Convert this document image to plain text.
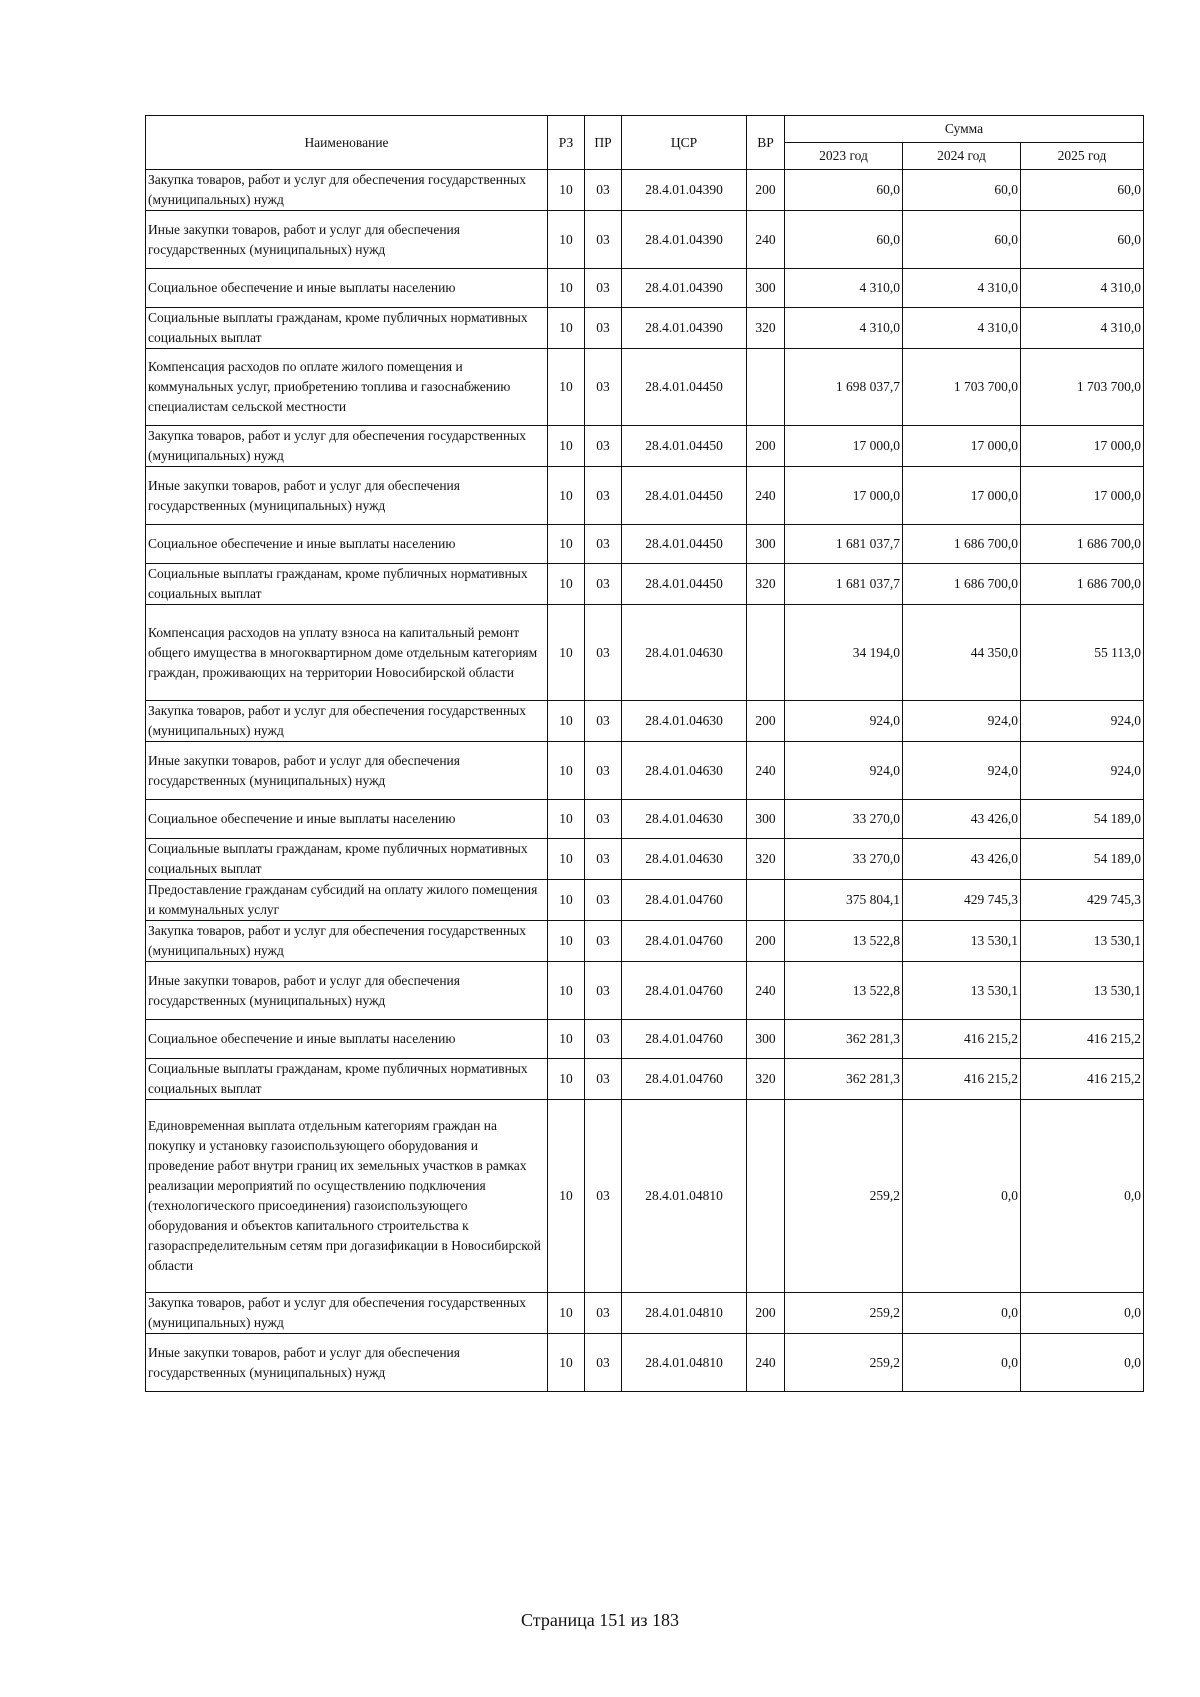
Наименование	РЗ	ПР	ЦСР	ВР	Сумма		
					2023 год	2024 год	2025 год
Закупка товаров, работ и услуг для обеспечения государственных (муниципальных) нужд	10	03	28.4.01.04390	200	60,0	60,0	60,0
Иные закупки товаров, работ и услуг для обеспечения государственных (муниципальных) нужд	10	03	28.4.01.04390	240	60,0	60,0	60,0
Социальное обеспечение и иные выплаты населению	10	03	28.4.01.04390	300	4 310,0	4 310,0	4 310,0
Социальные выплаты гражданам, кроме публичных нормативных социальных выплат	10	03	28.4.01.04390	320	4 310,0	4 310,0	4 310,0
Компенсация расходов по оплате жилого помещения и коммунальных услуг, приобретению топлива и газоснабжению специалистам сельской местности	10	03	28.4.01.04450		1 698 037,7	1 703 700,0	1 703 700,0
Закупка товаров, работ и услуг для обеспечения государственных (муниципальных) нужд	10	03	28.4.01.04450	200	17 000,0	17 000,0	17 000,0
Иные закупки товаров, работ и услуг для обеспечения государственных (муниципальных) нужд	10	03	28.4.01.04450	240	17 000,0	17 000,0	17 000,0
Социальное обеспечение и иные выплаты населению	10	03	28.4.01.04450	300	1 681 037,7	1 686 700,0	1 686 700,0
Социальные выплаты гражданам, кроме публичных нормативных социальных выплат	10	03	28.4.01.04450	320	1 681 037,7	1 686 700,0	1 686 700,0
Компенсация расходов на уплату взноса на капитальный ремонт общего имущества в многоквартирном доме отдельным категориям граждан, проживающих на территории Новосибирской области	10	03	28.4.01.04630		34 194,0	44 350,0	55 113,0
Закупка товаров, работ и услуг для обеспечения государственных (муниципальных) нужд	10	03	28.4.01.04630	200	924,0	924,0	924,0
Иные закупки товаров, работ и услуг для обеспечения государственных (муниципальных) нужд	10	03	28.4.01.04630	240	924,0	924,0	924,0
Социальное обеспечение и иные выплаты населению	10	03	28.4.01.04630	300	33 270,0	43 426,0	54 189,0
Социальные выплаты гражданам, кроме публичных нормативных социальных выплат	10	03	28.4.01.04630	320	33 270,0	43 426,0	54 189,0
Предоставление гражданам субсидий на оплату жилого помещения и коммунальных услуг	10	03	28.4.01.04760		375 804,1	429 745,3	429 745,3
Закупка товаров, работ и услуг для обеспечения государственных (муниципальных) нужд	10	03	28.4.01.04760	200	13 522,8	13 530,1	13 530,1
Иные закупки товаров, работ и услуг для обеспечения государственных (муниципальных) нужд	10	03	28.4.01.04760	240	13 522,8	13 530,1	13 530,1
Социальное обеспечение и иные выплаты населению	10	03	28.4.01.04760	300	362 281,3	416 215,2	416 215,2
Социальные выплаты гражданам, кроме публичных нормативных социальных выплат	10	03	28.4.01.04760	320	362 281,3	416 215,2	416 215,2
Единовременная выплата отдельным категориям граждан на покупку и установку газоиспользующего оборудования и проведение работ внутри границ их земельных участков в рамках реализации мероприятий по осуществлению подключения (технологического присоединения) газоиспользующего оборудования и объектов капитального строительства к газораспределительным сетям при догазификации в Новосибирской области	10	03	28.4.01.04810		259,2	0,0	0,0
Закупка товаров, работ и услуг для обеспечения государственных (муниципальных) нужд	10	03	28.4.01.04810	200	259,2	0,0	0,0
Иные закупки товаров, работ и услуг для обеспечения государственных (муниципальных) нужд	10	03	28.4.01.04810	240	259,2	0,0	0,0
Страница 151 из 183
